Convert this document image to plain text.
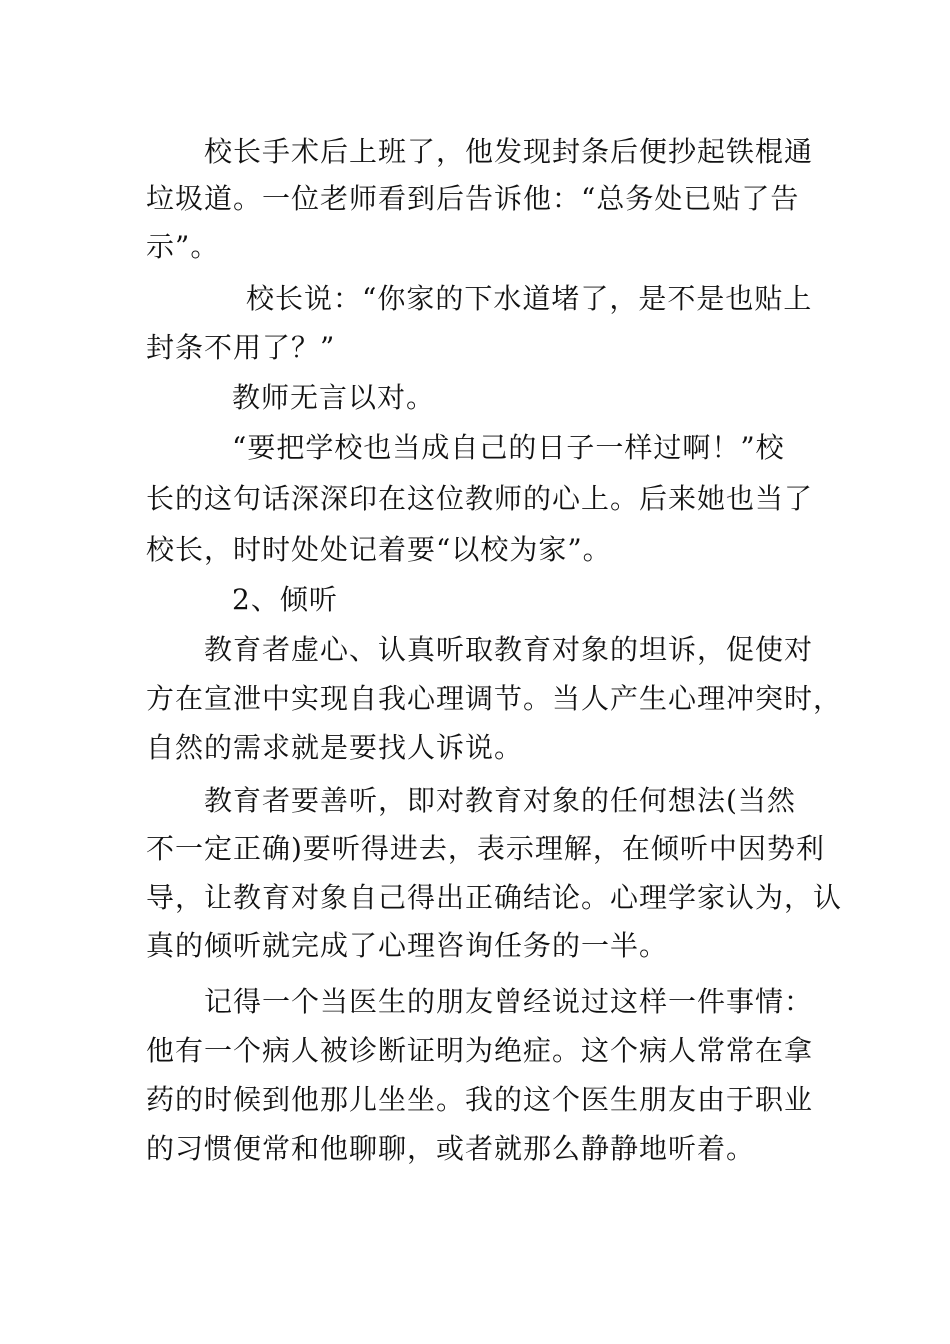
校长手术后上班了，他发现封条后便抄起铁棍通
垃圾道。一位老师看到后告诉他：“总务处已贴了告
示”。
校长说：“你家的下水道堵了，是不是也贴上
封条不用了？”
教师无言以对。
“要把学校也当成自己的日子一样过啊！”校
长的这句话深深印在这位教师的心上。后来她也当了
校长，时时处处记着要“以校为家”。
2、倾听
教育者虚心、认真听取教育对象的坦诉，促使对
方在宣泄中实现自我心理调节。当人产生心理冲突时，
自然的需求就是要找人诉说。
教育者要善听，即对教育对象的任何想法(当然
不一定正确)要听得进去，表示理解，在倾听中因势利
导，让教育对象自己得出正确结论。心理学家认为，认
真的倾听就完成了心理咨询任务的一半。
记得一个当医生的朋友曾经说过这样一件事情：
他有一个病人被诊断证明为绝症。这个病人常常在拿
药的时候到他那儿坐坐。我的这个医生朋友由于职业
的习惯便常和他聊聊，或者就那么静静地听着。
